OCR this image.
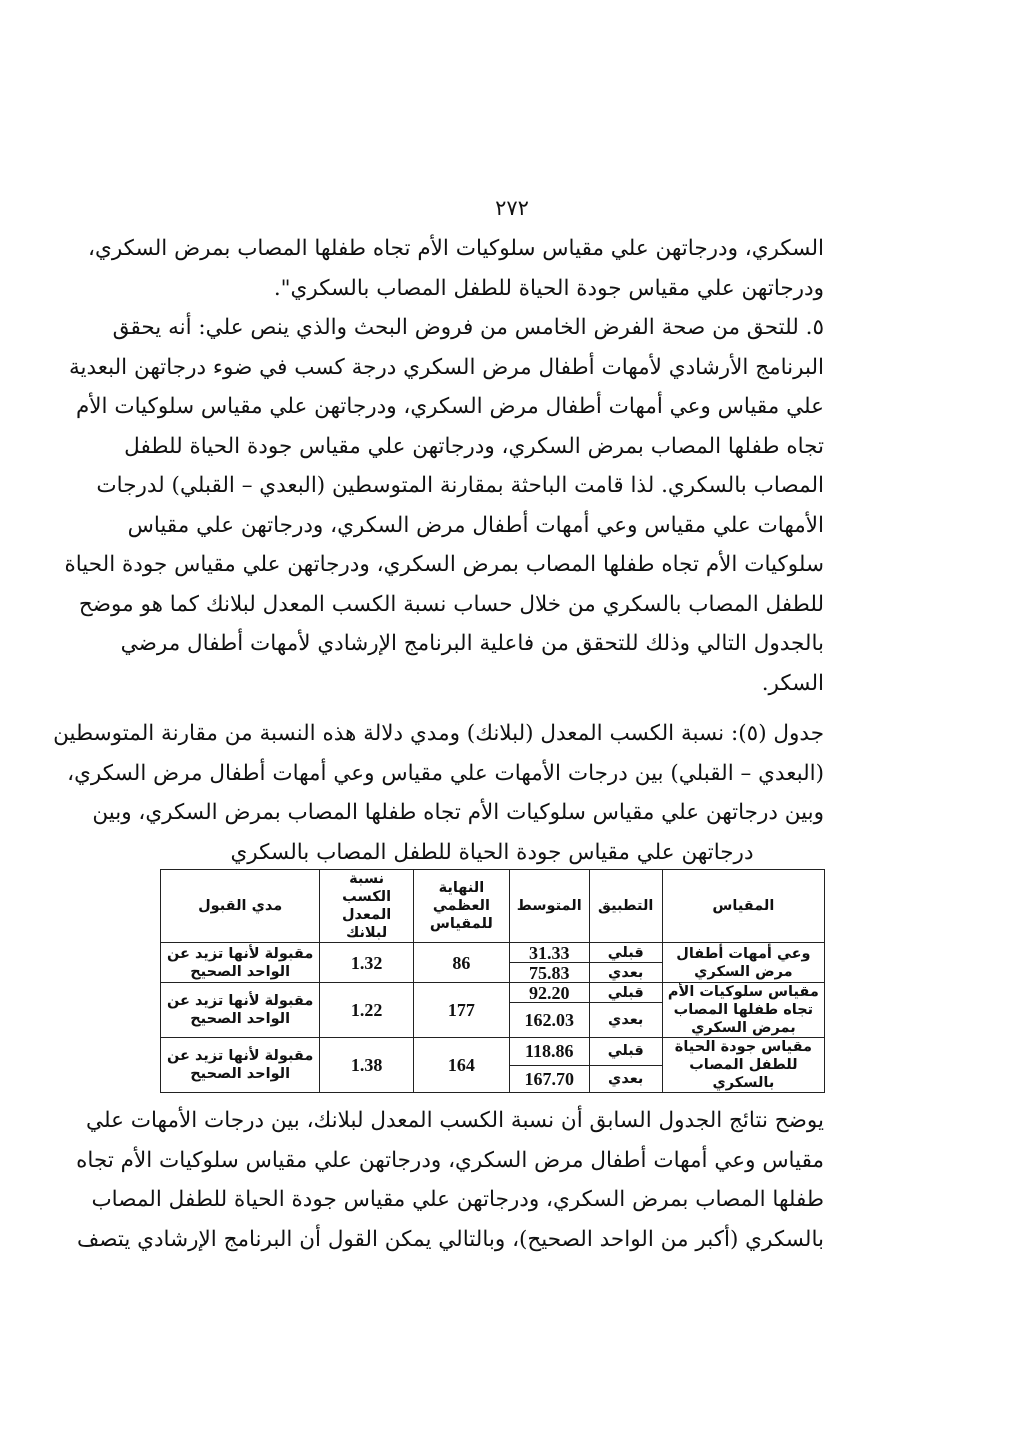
٢٧٢
السكري، ودرجاتهن علي مقياس سلوكيات الأم تجاه طفلها المصاب بمرض السكري،
ودرجاتهن علي مقياس جودة الحياة للطفل المصاب بالسكري".
٥. للتحق من صحة الفرض الخامس من فروض البحث والذي ينص علي: أنه يحقق
البرنامج الأرشادي لأمهات أطفال مرض السكري درجة كسب في ضوء درجاتهن البعدية
علي مقياس وعي أمهات أطفال مرض السكري، ودرجاتهن علي مقياس سلوكيات الأم
تجاه طفلها المصاب بمرض السكري، ودرجاتهن علي مقياس جودة الحياة للطفل
المصاب بالسكري. لذا قامت الباحثة بمقارنة المتوسطين (البعدي – القبلي) لدرجات
الأمهات علي مقياس وعي أمهات أطفال مرض السكري، ودرجاتهن علي مقياس
سلوكيات الأم تجاه طفلها المصاب بمرض السكري، ودرجاتهن علي مقياس جودة الحياة
للطفل المصاب بالسكري من خلال حساب نسبة الكسب المعدل لبلانك كما هو موضح
بالجدول التالي وذلك للتحقق من فاعلية البرنامج الإرشادي لأمهات أطفال مرضي
السكر.
جدول (٥): نسبة الكسب المعدل (لبلانك) ومدي دلالة هذه النسبة من مقارنة المتوسطين
(البعدي – القبلي) بين درجات الأمهات علي مقياس وعي أمهات أطفال مرض السكري،
وبين درجاتهن علي مقياس سلوكيات الأم تجاه طفلها المصاب بمرض السكري، وبين
درجاتهن علي مقياس جودة الحياة للطفل المصاب بالسكري
المقياس	التطبيق	المتوسط	النهاية العظمي للمقياس	نسبة الكسب المعدل لبلانك	مدي القبول
وعي أمهات أطفال مرض السكري	قبلي	31.33	86	1.32	مقبولة لأنها تزيد عن الواحد الصحيح
	بعدي	75.83			
مقياس سلوكيات الأم تجاه طفلها المصاب بمرض السكري	قبلي	92.20	177	1.22	مقبولة لأنها تزيد عن الواحد الصحيح
	بعدي	162.03			
مقياس جودة الحياة للطفل المصاب بالسكري	قبلي	118.86	164	1.38	مقبولة لأنها تزيد عن الواحد الصحيح
	بعدي	167.70			
يوضح نتائج الجدول السابق أن نسبة الكسب المعدل لبلانك، بين درجات الأمهات علي
مقياس وعي أمهات أطفال مرض السكري، ودرجاتهن علي مقياس سلوكيات الأم تجاه
طفلها المصاب بمرض السكري، ودرجاتهن علي مقياس جودة الحياة للطفل المصاب
بالسكري (أكبر من الواحد الصحيح)، وبالتالي يمكن القول أن البرنامج الإرشادي يتصف
